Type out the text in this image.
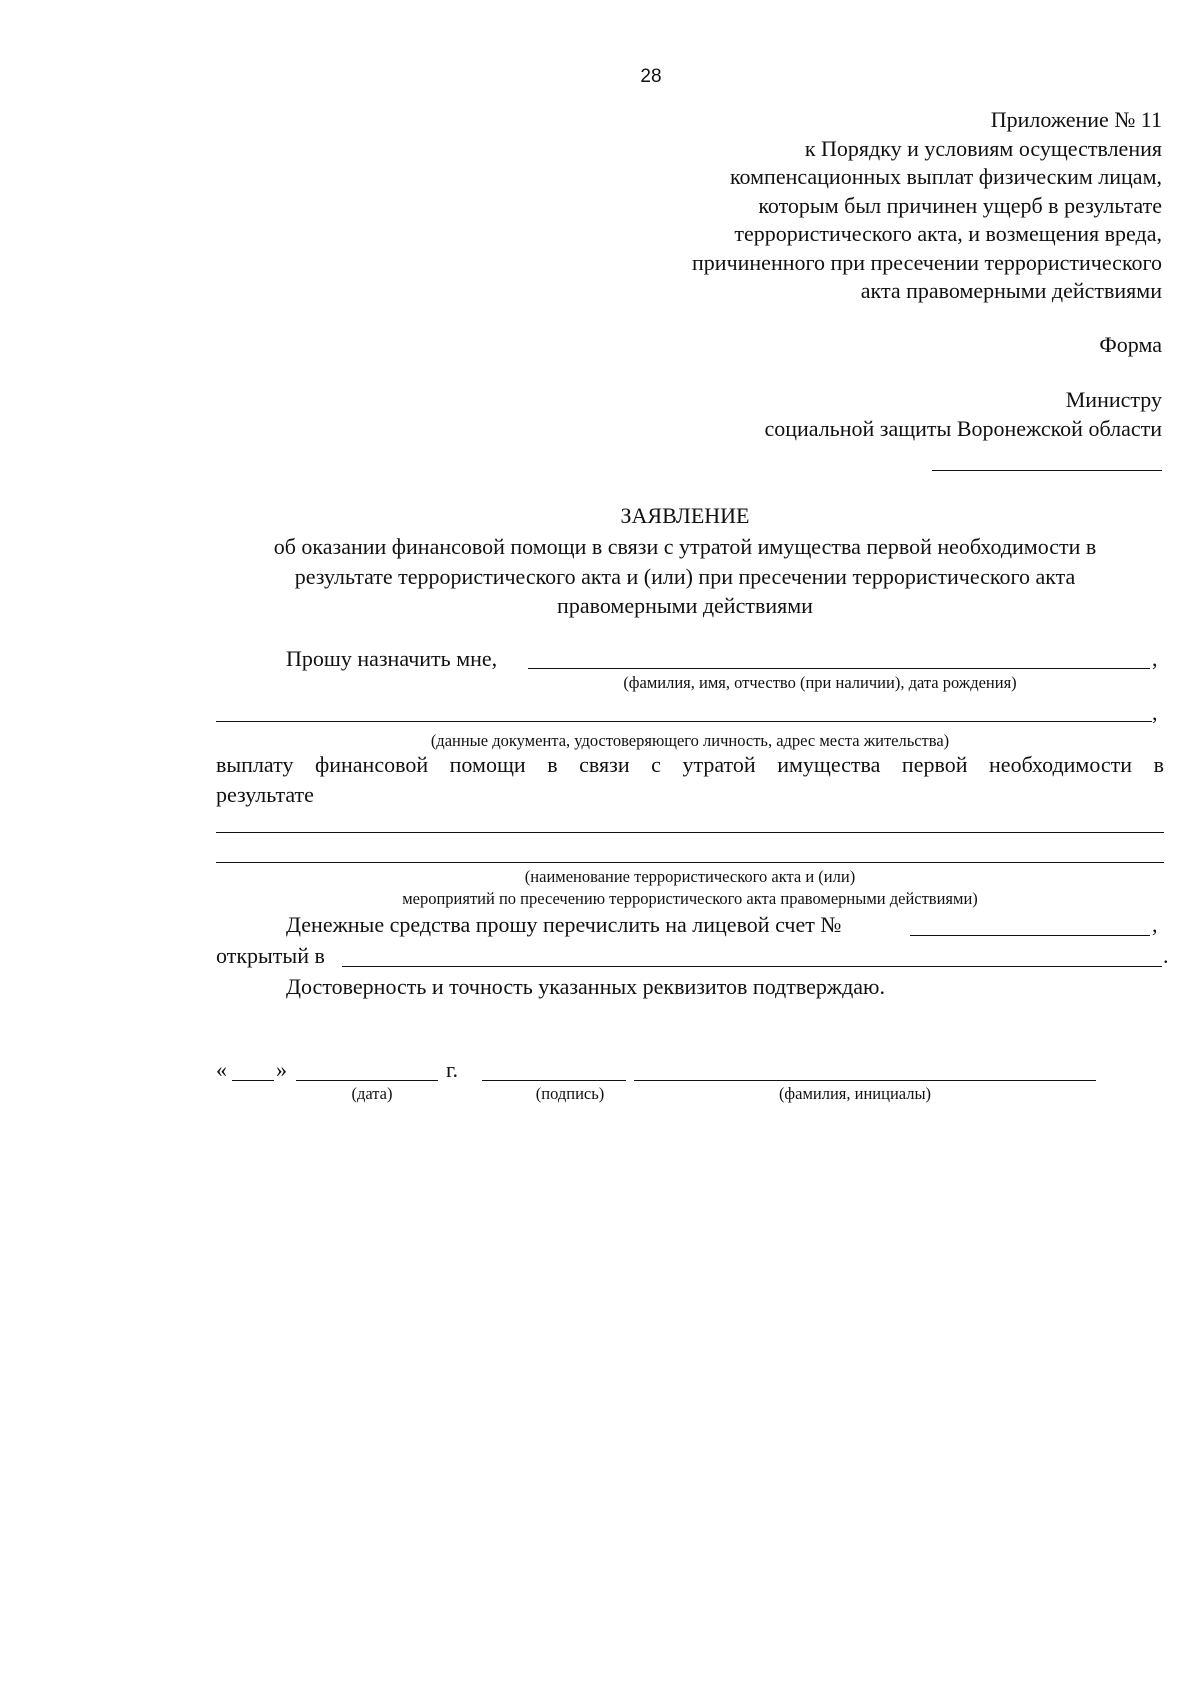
28
Приложение № 11
к Порядку и условиям осуществления
компенсационных выплат физическим лицам,
которым был причинен ущерб в результате
террористического акта, и возмещения вреда,
причиненного при пресечении террористического
акта правомерными действиями
Форма
Министру
социальной защиты Воронежской области
ЗАЯВЛЕНИЕ
об оказании финансовой помощи в связи с утратой имущества первой необходимости в
результате террористического акта и (или) при пресечении террористического акта
правомерными действиями
Прошу назначить мне,	,
(фамилия, имя, отчество (при наличии), дата рождения)
,
(данные документа, удостоверяющего личность, адрес места жительства)
выплату финансовой помощи в связи с утратой имущества первой необходимости в
результате
(наименование террористического акта и (или)
мероприятий по пресечению террористического акта правомерными действиями)
Денежные средства прошу перечислить на лицевой счет №	,
открытый в	.
Достоверность и точность указанных реквизитов подтверждаю.
« »	г.
(дата)	(подпись)	(фамилия, инициалы)
